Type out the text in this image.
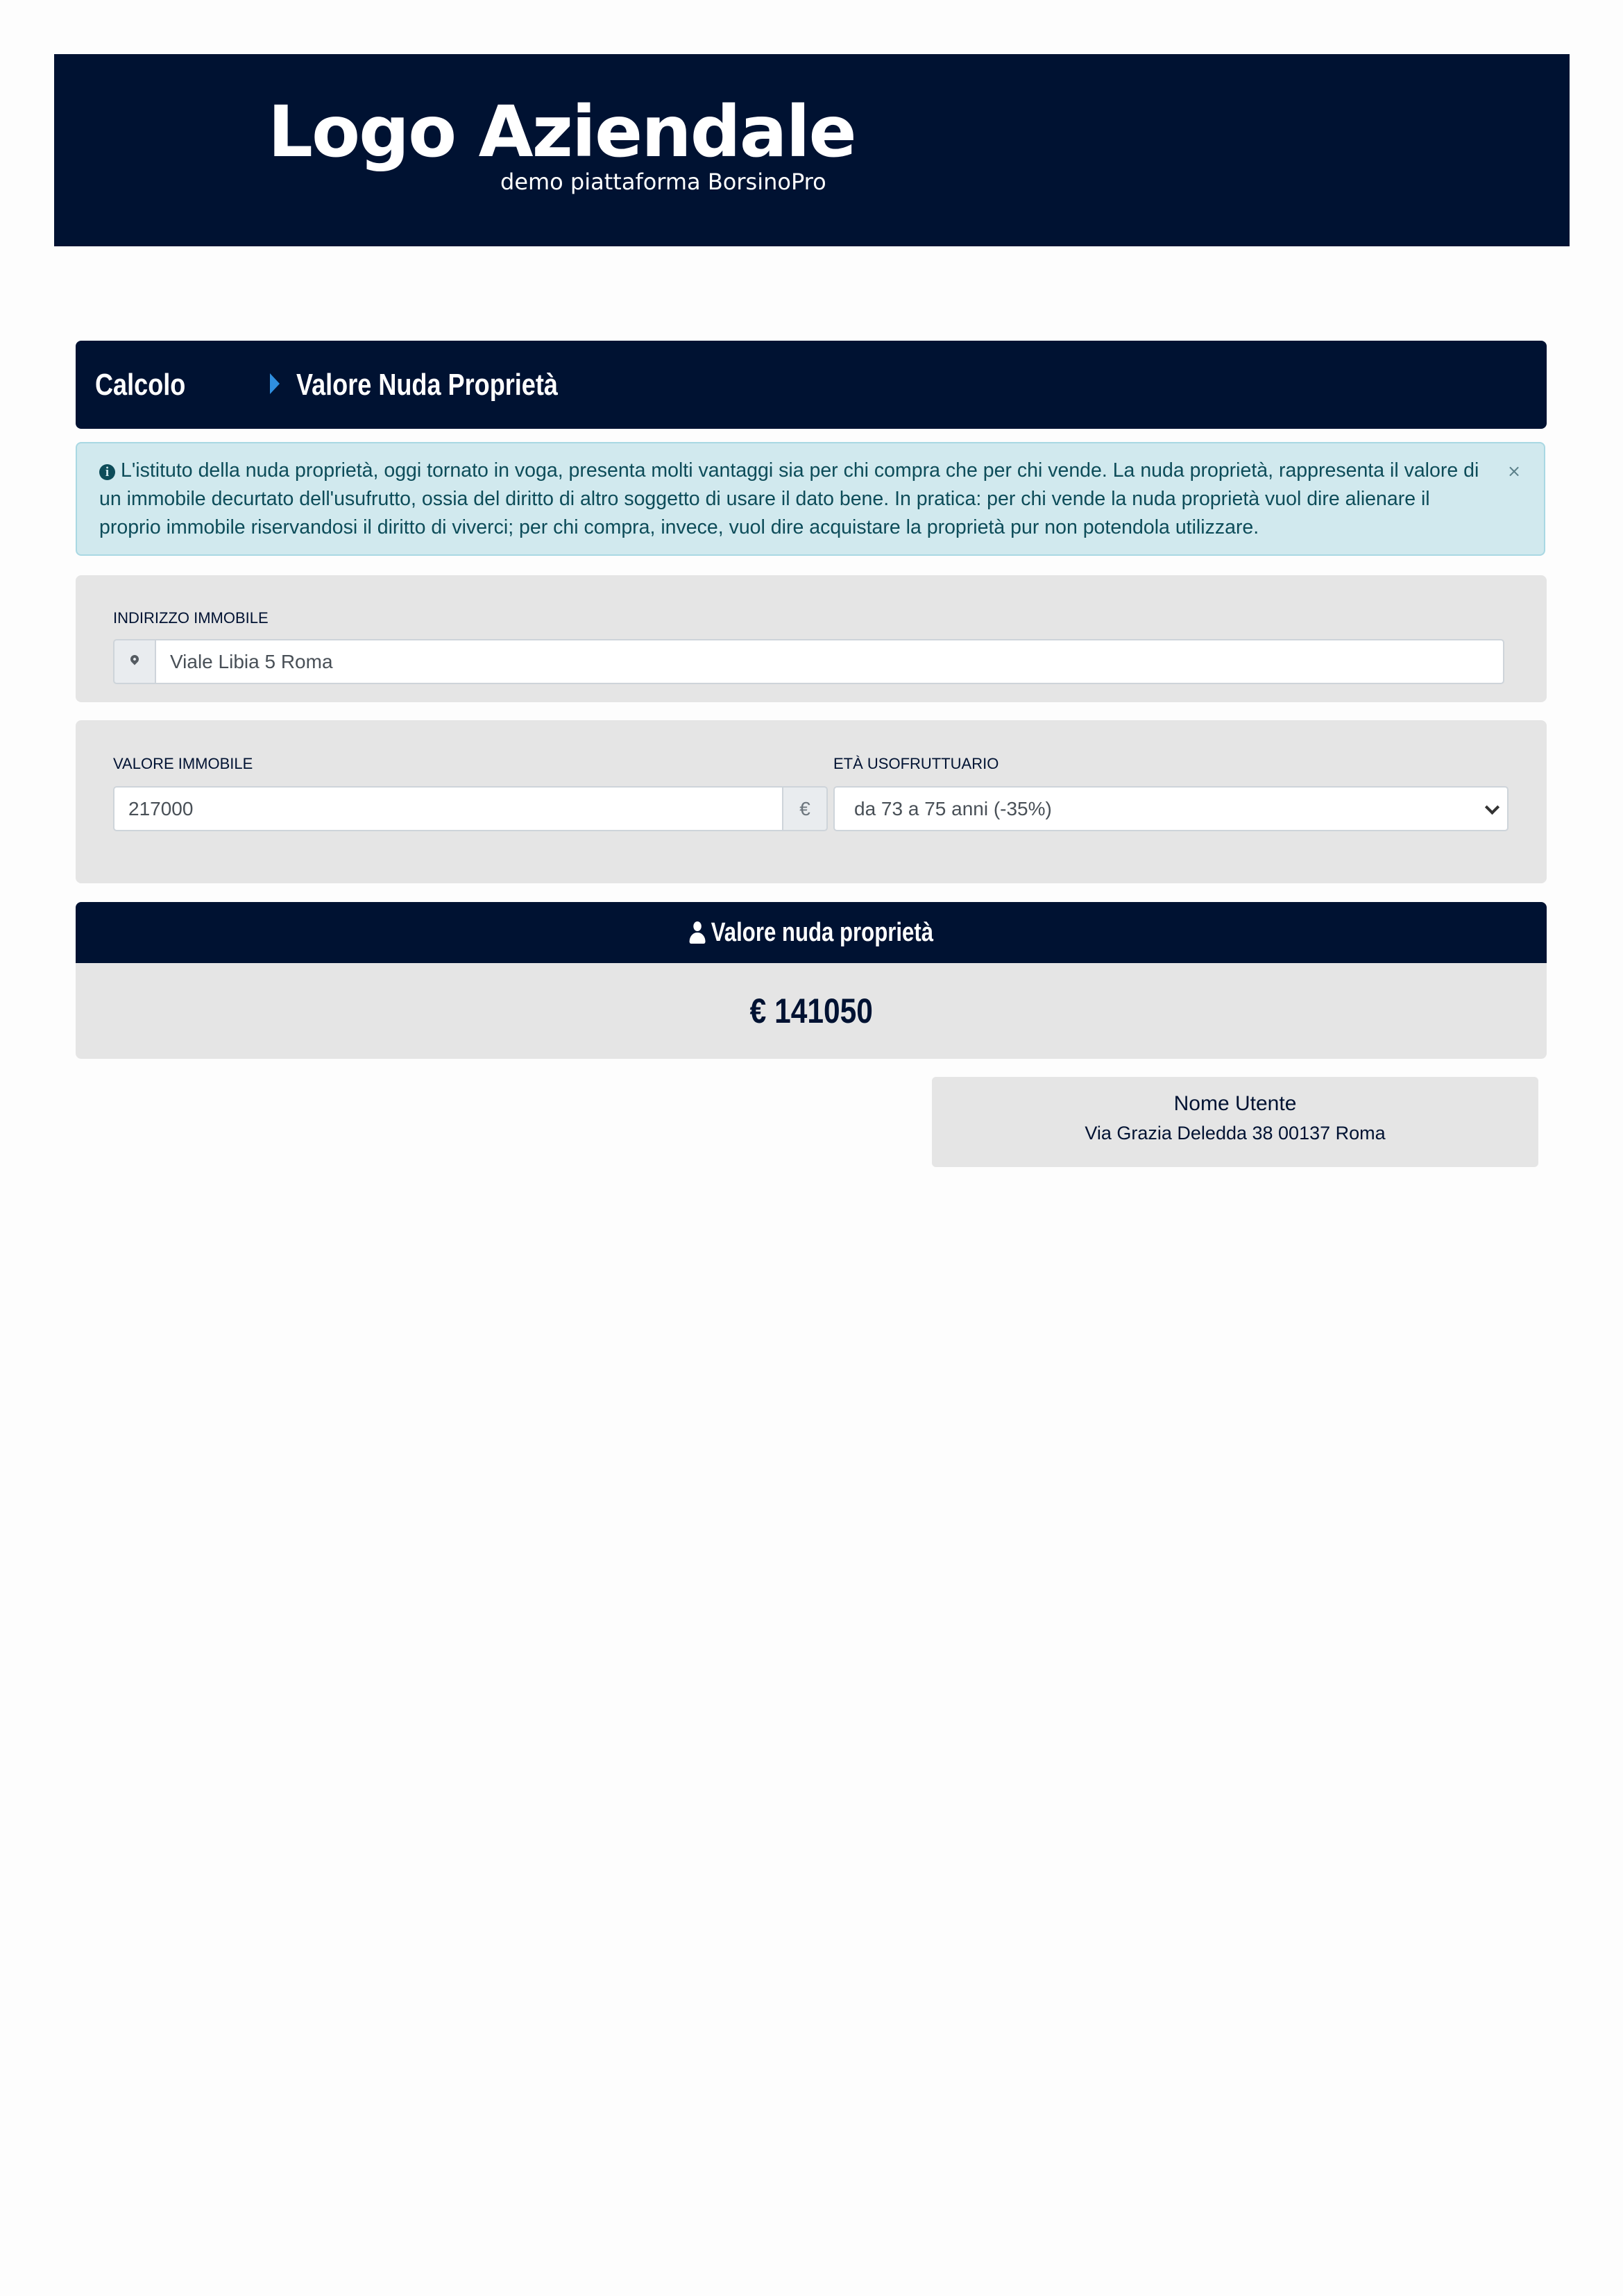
Logo Aziendale
demo piattaforma BorsinoPro
Calcolo	Valore Nuda Proprietà
i L'istituto della nuda proprietà, oggi tornato in voga, presenta molti vantaggi sia per chi compra che per chi vende. La nuda proprietà, rappresenta il valore di un immobile decurtato dell'usufrutto, ossia del diritto di altro soggetto di usare il dato bene. In pratica: per chi vende la nuda proprietà vuol dire alienare il proprio immobile riservandosi il diritto di viverci; per chi compra, invece, vuol dire acquistare la proprietà pur non potendola utilizzare.
×
INDIRIZZO IMMOBILE
Viale Libia 5 Roma
VALORE IMMOBILE
217000
€
ETÀ USOFRUTTUARIO
da 73 a 75 anni (-35%)
Valore nuda proprietà
€ 141050
Nome Utente
Via Grazia Deledda 38 00137 Roma
